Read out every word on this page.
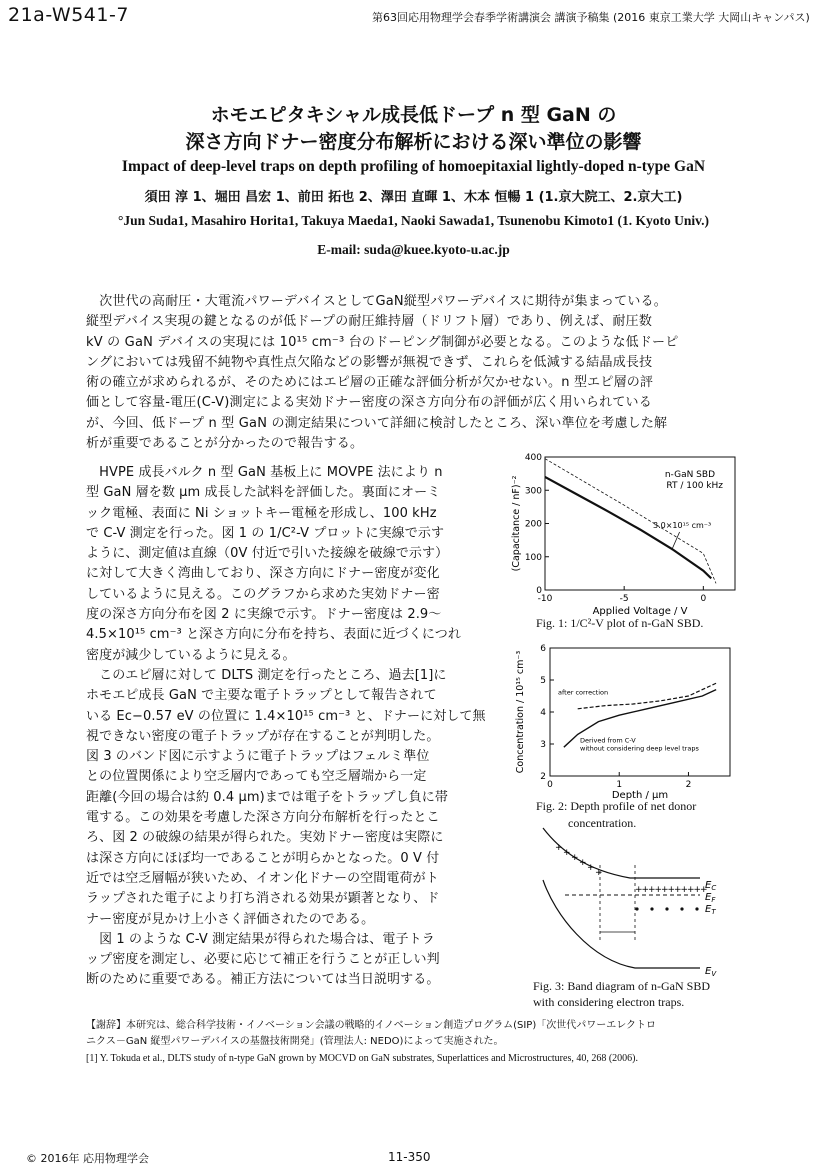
21a-W541-7	第63回応用物理学会春季学術講演会 講演予稿集 (2016 東京工業大学 大岡山キャンパス)
ホモエピタキシャル成長低ドープ n 型 GaN の
深さ方向ドナー密度分布解析における深い準位の影響
Impact of deep-level traps on depth profiling of homoepitaxial lightly-doped n-type GaN
須田 淳 1、堀田 昌宏 1、前田 拓也 2、澤田 直暉 1、木本 恒暢 1 (1.京大院工、2.京大工)
°Jun Suda1, Masahiro Horita1, Takuya Maeda1, Naoki Sawada1, Tsunenobu Kimoto1 (1. Kyoto Univ.)
E-mail: suda@kuee.kyoto-u.ac.jp
　次世代の高耐圧・大電流パワーデバイスとしてGaN縦型パワーデバイスに期待が集まっている。
縦型デバイス実現の鍵となるのが低ドープの耐圧維持層（ドリフト層）であり、例えば、耐圧数
kV の GaN デバイスの実現には 10¹⁵ cm⁻³ 台のドーピング制御が必要となる。このような低ドーピ
ングにおいては残留不純物や真性点欠陥などの影響が無視できず、これらを低減する結晶成長技
術の確立が求められるが、そのためにはエピ層の正確な評価分析が欠かせない。n 型エピ層の評
価として容量-電圧(C-V)測定による実効ドナー密度の深さ方向分布の評価が広く用いられている
が、今回、低ドープ n 型 GaN の測定結果について詳細に検討したところ、深い準位を考慮した解
析が重要であることが分かったので報告する。
　HVPE 成長バルク n 型 GaN 基板上に MOVPE 法により n
型 GaN 層を数 μm 成長した試料を評価した。裏面にオーミ
ック電極、表面に Ni ショットキー電極を形成し、100 kHz
で C-V 測定を行った。図 1 の 1/C²-V プロットに実線で示す
ように、測定値は直線（0V 付近で引いた接線を破線で示す）
に対して大きく湾曲しており、深さ方向にドナー密度が変化
しているように見える。このグラフから求めた実効ドナー密
度の深さ方向分布を図 2 に実線で示す。ドナー密度は 2.9～
4.5×10¹⁵ cm⁻³ と深さ方向に分布を持ち、表面に近づくにつれ
密度が減少しているように見える。
　このエピ層に対して DLTS 測定を行ったところ、過去[1]に
ホモエピ成長 GaN で主要な電子トラップとして報告されて
いる Ec−0.57 eV の位置に 1.4×10¹⁵ cm⁻³ と、ドナーに対して無
視できない密度の電子トラップが存在することが判明した。
図 3 のバンド図に示すように電子トラップはフェルミ準位
との位置関係により空乏層内であっても空乏層端から一定
距離(今回の場合は約 0.4 μm)までは電子をトラップし負に帯
電する。この効果を考慮した深さ方向分布解析を行ったとこ
ろ、図 2 の破線の結果が得られた。実効ドナー密度は実際に
は深さ方向にほぼ均一であることが明らかとなった。0 V 付
近では空乏層幅が狭いため、イオン化ドナーの空間電荷がト
ラップされた電子により打ち消される効果が顕著となり、ド
ナー密度が見かけ上小さく評価されたのである。
　図 1 のような C-V 測定結果が得られた場合は、電子トラ
ップ密度を測定し、必要に応じて補正を行うことが正しい判
断のために重要である。補正方法については当日説明する。
0
100
200
300
400
-10	-5	0
n-GaN SBD
RT / 100 kHz
3.0×10¹⁵ cm⁻³
Applied Voltage / V
(Capacitance / nF)⁻²
Fig. 1: 1/C²-V plot of n-GaN SBD.
2
3
4
5
6
0	1	2
after correction
Derived from C-V
without considering deep level traps
Depth / μm
Concentration / 10¹⁵ cm⁻³
Fig. 2: Depth profile of net donor
concentration.
+
+
+
+
+
+
+
+
+
+
+
+ + + + + +
$E_C$
$E_F$
$E_T$
$E_V$
Fig. 3: Band diagram of n-GaN SBD
with considering electron traps.
【謝辞】本研究は、総合科学技術・イノベーション会議の戦略的イノベーション創造プログラム(SIP)「次世代パワーエレクトロ
ニクス－GaN 縦型パワーデバイスの基盤技術開発」(管理法人: NEDO)によって実施された。
[1] Y. Tokuda et al., DLTS study of n-type GaN grown by MOCVD on GaN substrates, Superlattices and Microstructures, 40, 268 (2006).
© 2016年 応用物理学会	11-350
